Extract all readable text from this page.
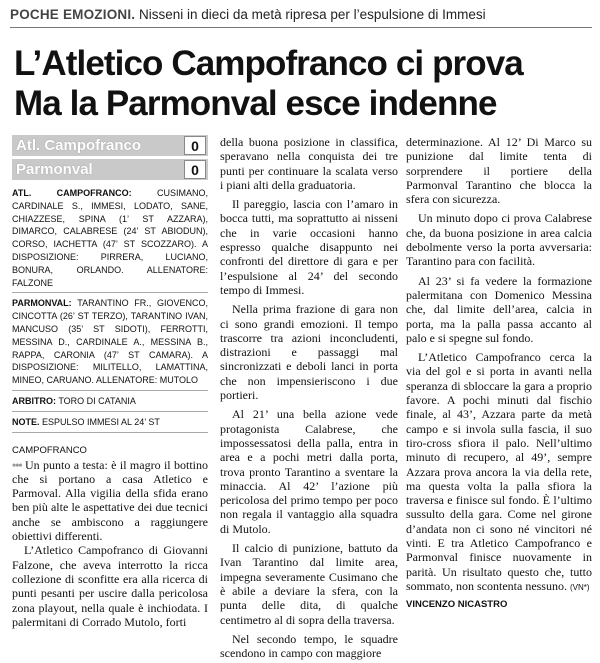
POCHE EMOZIONI. Nisseni in dieci da metà ripresa per l’espulsione di Immesi
L’Atletico Campofranco ci prova
Ma la Parmonval esce indenne
Atl. Campofranco	0
Parmonval	0

ATL. CAMPOFRANCO:	CUSIMANO, CARDINALE S., IMMESI, LODATO, SANE, CHIAZZESE, SPINA (1’ ST AZZARA), DIMARCO, CALABRESE (24’ ST ABIODUN), CORSO, IACHETTA (47’ ST SCOZZARO). A DISPOSIZIONE: PIRRERA, LUCIANO, BONURA, ORLANDO. ALLENATORE: FALZONE

PARMONVAL: TARANTINO FR., GIOVENCO, CINCOTTA (26’ ST TERZO), TARANTINO IVAN, MANCUSO (35’ ST SIDOTI), FERROTTI, MESSINA D., CARDINALE A., MESSINA B., RAPPA, CARONIA (47’ ST CAMARA). A DISPOSIZIONE: MILITELLO, LAMATTINA, MINEO, CARUANO. ALLENATORE: MUTOLO

ARBITRO: TORO DI CATANIA

NOTE. ESPULSO IMMESI AL 24’ ST

CAMPOFRANCO

••• Un punto a testa: è il magro il bottino che si portano a casa Atletico e Parmoval. Alla vigilia della sfida erano ben più alte le aspettative dei due tecnici anche se ambiscono a raggiungere obiettivi differenti.

L’Atletico Campofranco di Giovanni Falzone, che aveva interrotto la ricca collezione di sconfitte era alla ricerca di punti pesanti per uscire dalla pericolosa zona playout, nella quale è inchiodata. I palermitani di Corrado Mutolo, forti

della buona posizione in classifica, speravano nella conquista dei tre punti per continuare la scalata verso i piani alti della graduatoria.

Il pareggio, lascia con l’amaro in bocca tutti, ma soprattutto ai nisseni che in varie occasioni hanno espresso qualche disappunto nei confronti del direttore di gara e per l’espulsione al 24’ del secondo tempo di Immesi.

Nella prima frazione di gara non ci sono grandi emozioni. Il tempo trascorre tra azioni inconcludenti, distrazioni e passaggi mal sincronizzati e deboli lanci in porta che non impensieriscono i due portieri.

Al 21’ una bella azione vede protagonista Calabrese, che impossessatosi della palla, entra in area e a pochi metri dalla porta, trova pronto Tarantino a sventare la minaccia. Al 42’ l’azione più pericolosa del primo tempo per poco non regala il vantaggio alla squadra di Mutolo.

Il calcio di punizione, battuto da Ivan Tarantino dal limite area, impegna severamente Cusimano che è abile a deviare la sfera, con la punta delle dita, di qualche centimetro al di sopra della traversa.

Nel secondo tempo, le squadre scendono in campo con maggiore

determinazione. Al 12’ Di Marco su punizione dal limite tenta di sorprendere il portiere della Parmonval Tarantino che blocca la sfera con sicurezza.

Un minuto dopo ci prova Calabrese che, da buona posizione in area calcia debolmente verso la porta avversaria: Tarantino para con facilità.

Al 23’ si fa vedere la formazione palermitana con Domenico Messina che, dal limite dell’area, calcia in porta, ma la palla passa accanto al palo e si spegne sul fondo.

L’Atletico Campofranco cerca la via del gol e si porta in avanti nella speranza di sbloccare la gara a proprio favore. A pochi minuti dal fischio finale, al 43’, Azzara parte da metà campo e si invola sulla fascia, il suo tiro-cross sfiora il palo. Nell’ultimo minuto di recupero, al 49’, sempre Azzara prova ancora la via della rete, ma questa volta la palla sfiora la traversa e finisce sul fondo. È l’ultimo sussulto della gara. Come nel girone d’andata non ci sono né vincitori né vinti. E tra Atletico Campofranco e Parmonval finisce nuovamente in parità. Un risultato questo che, tutto sommato, non scontenta nessuno. (VN*)

VINCENZO NICASTRO
